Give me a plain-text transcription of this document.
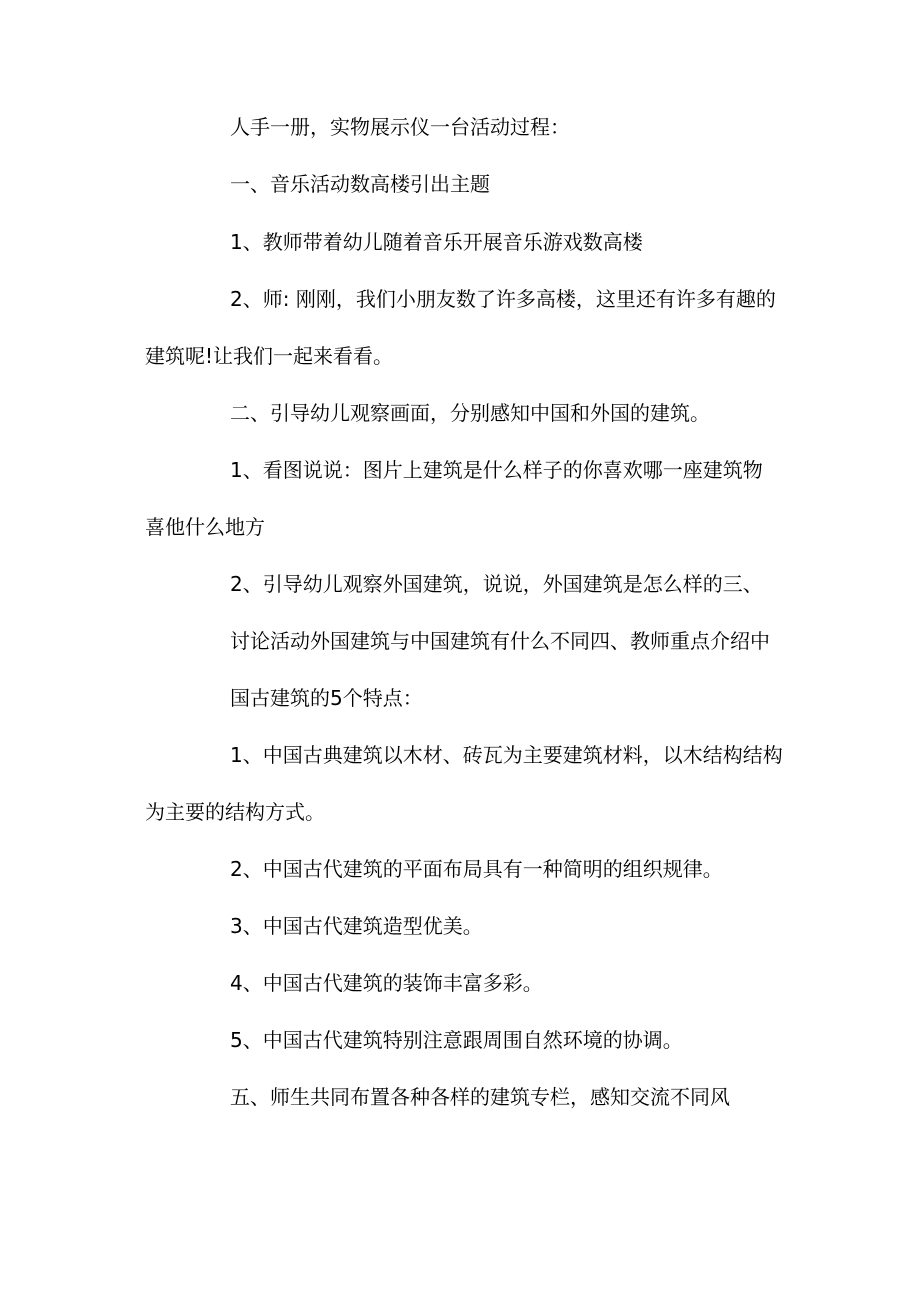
人手一册，实物展示仪一台活动过程：

一、音乐活动数高楼引出主题

1、教师带着幼儿随着音乐开展音乐游戏数高楼

2、师: 刚刚，我们小朋友数了许多高楼，这里还有许多有趣的

建筑呢!让我们一起来看看。

二、引导幼儿观察画面，分别感知中国和外国的建筑。

1、看图说说：图片上建筑是什么样子的你喜欢哪一座建筑物

喜他什么地方

2、引导幼儿观察外国建筑，说说，外国建筑是怎么样的三、

讨论活动外国建筑与中国建筑有什么不同四、教师重点介绍中

国古建筑的5个特点：

1、中国古典建筑以木材、砖瓦为主要建筑材料，以木结构结构

为主要的结构方式。

2、中国古代建筑的平面布局具有一种简明的组织规律。

3、中国古代建筑造型优美。

4、中国古代建筑的装饰丰富多彩。

5、中国古代建筑特别注意跟周围自然环境的协调。

五、师生共同布置各种各样的建筑专栏，感知交流不同风
